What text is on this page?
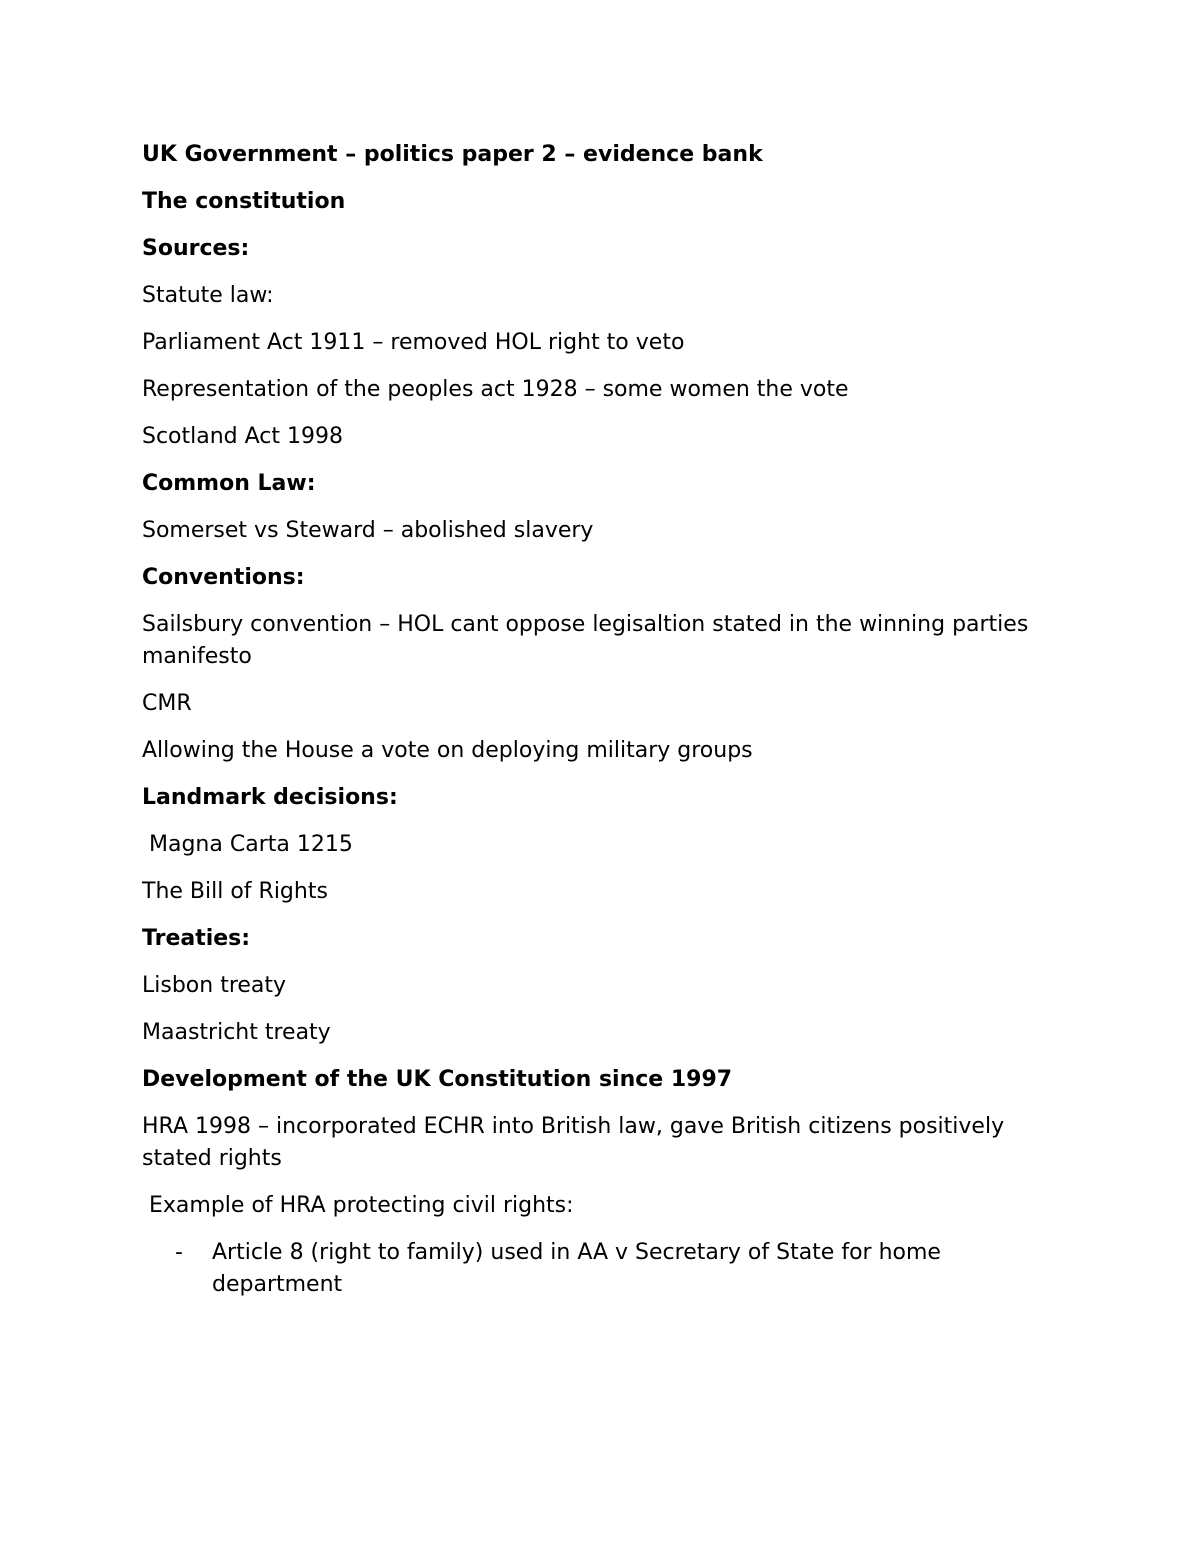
UK Government – politics paper 2 – evidence bank
The constitution
Sources:
Statute law:
Parliament Act 1911 – removed HOL right to veto
Representation of the peoples act 1928 – some women the vote
Scotland Act 1998
Common Law:
Somerset vs Steward – abolished slavery
Conventions:
Sailsbury convention – HOL cant oppose legisaltion stated in the winning parties manifesto
CMR
Allowing the House a vote on deploying military groups
Landmark decisions:
Magna Carta 1215
The Bill of Rights
Treaties:
Lisbon treaty
Maastricht treaty
Development of the UK Constitution since 1997
HRA 1998 – incorporated ECHR into British law, gave British citizens positively stated rights
Example of HRA protecting civil rights:
-	Article 8 (right to family) used in AA v Secretary of State for home department
